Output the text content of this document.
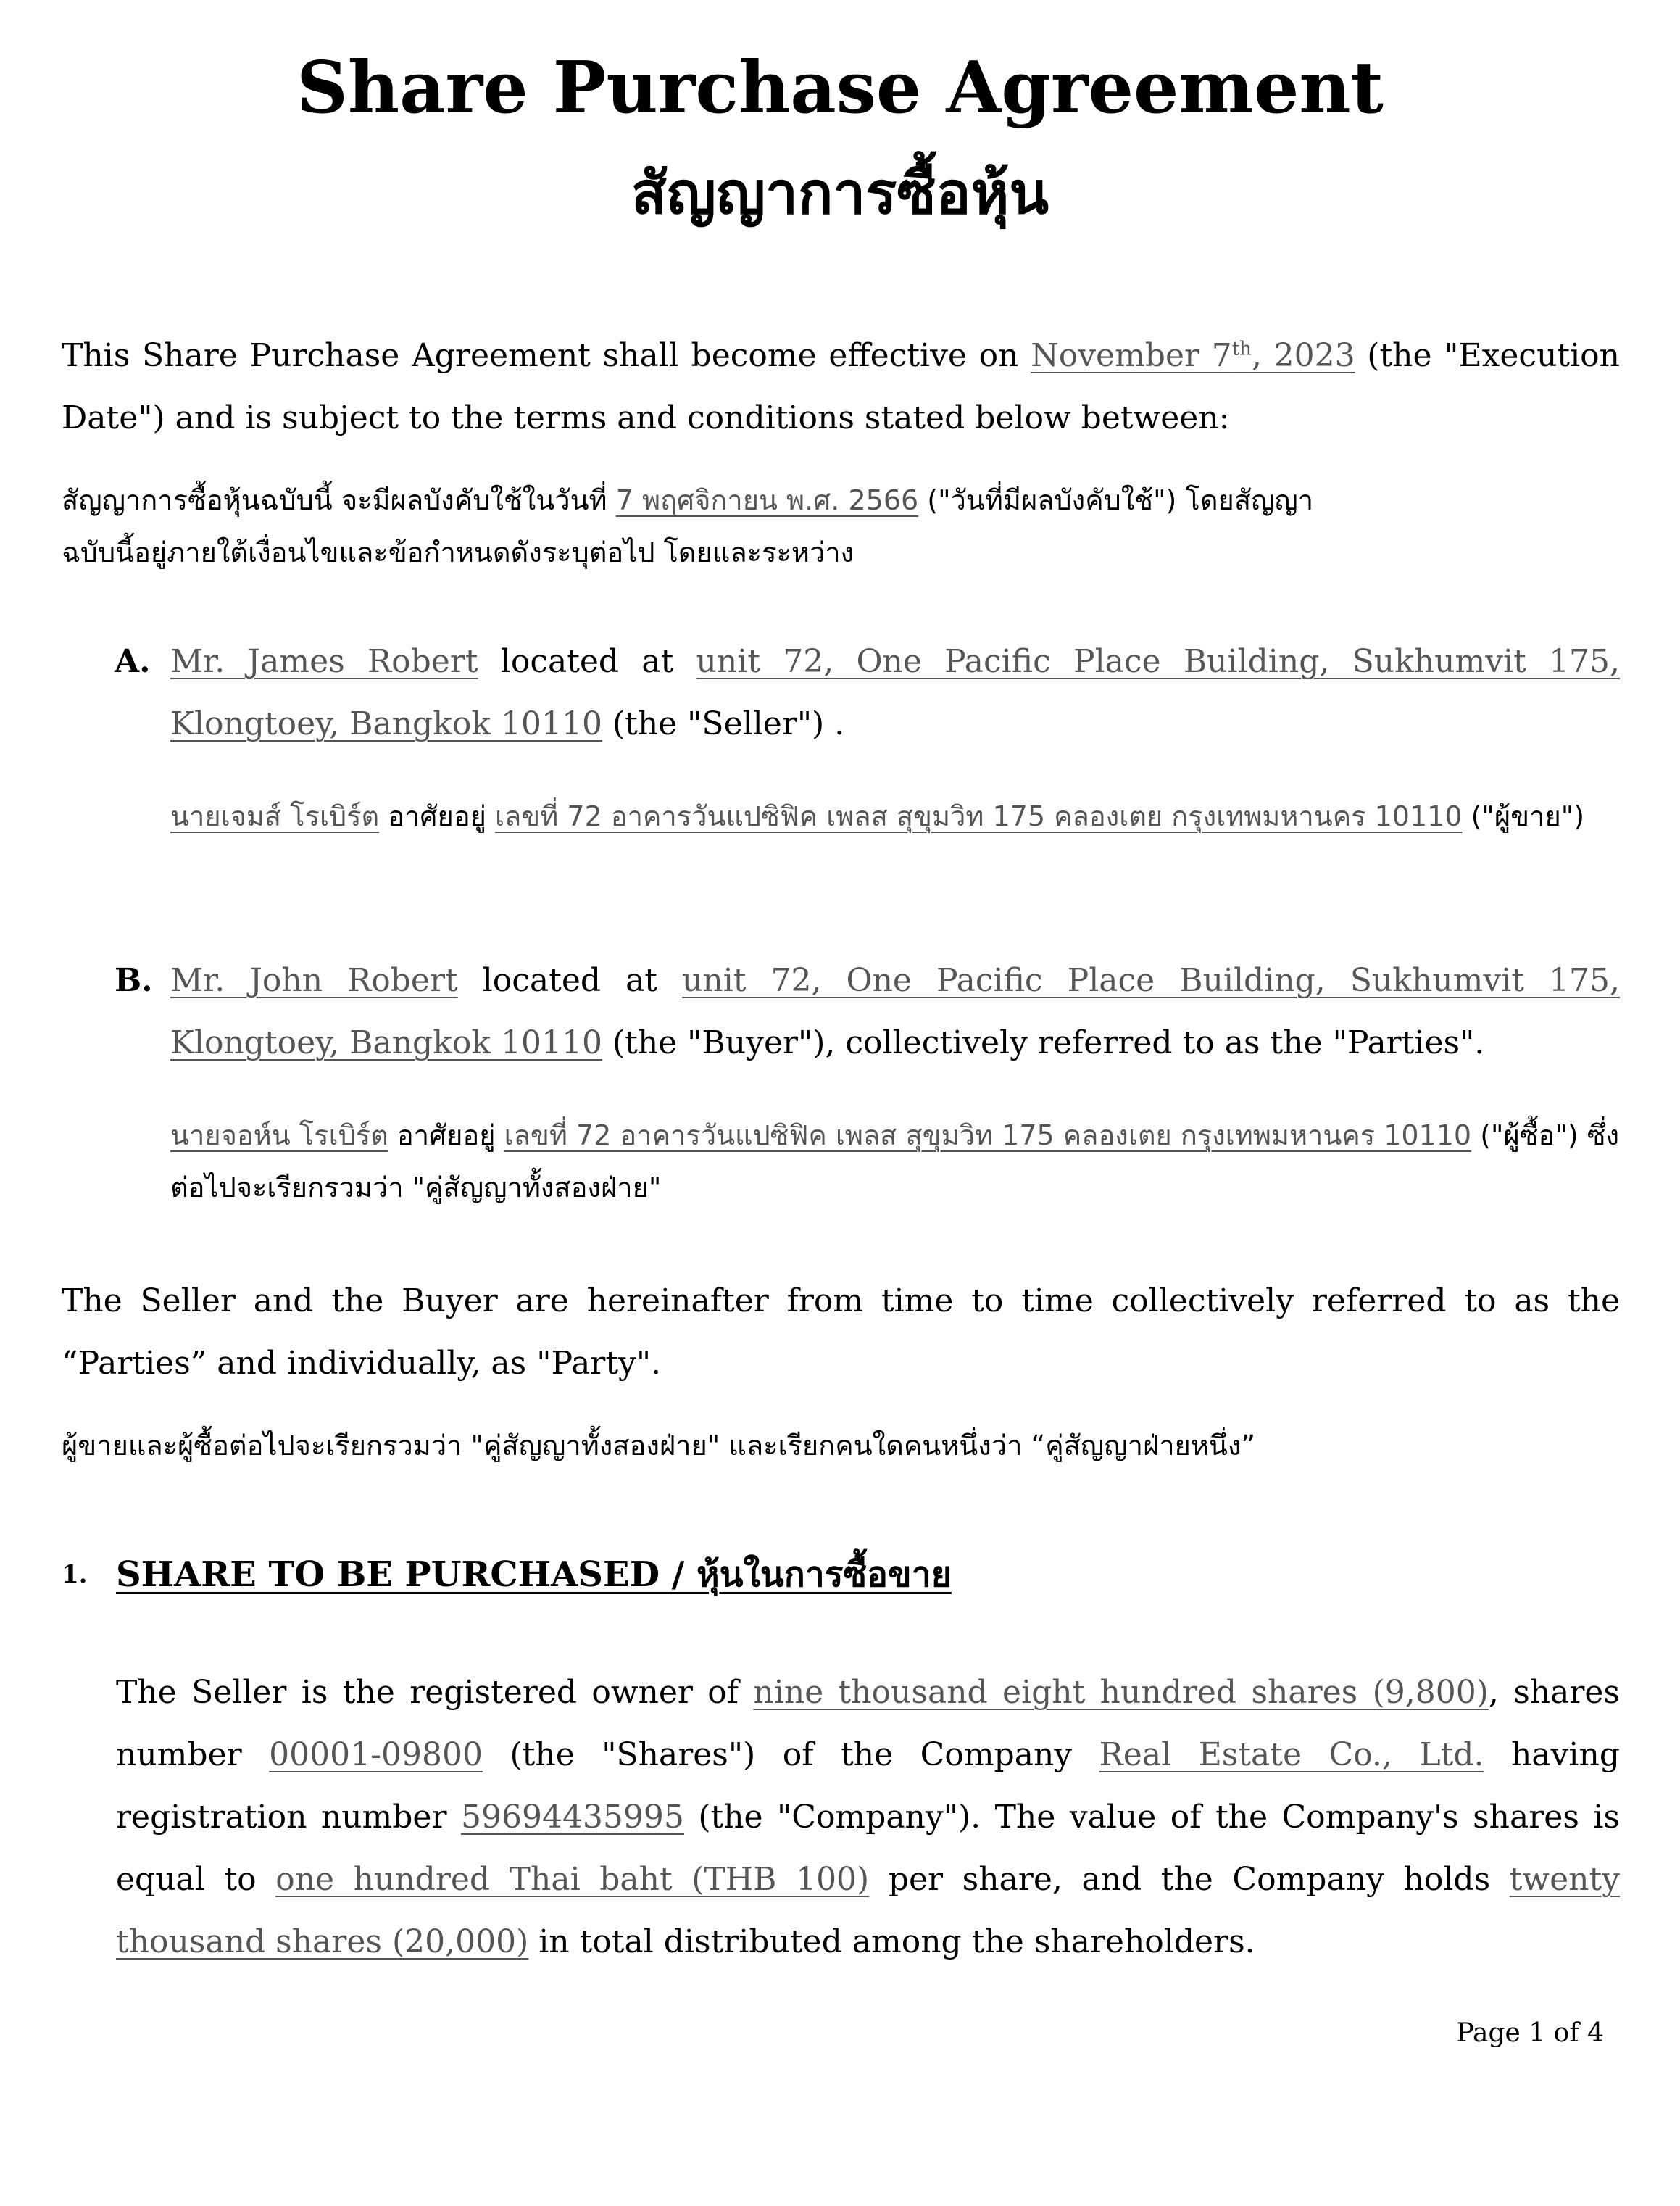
Share Purchase Agreement
สัญญาการซื้อหุ้น
This Share Purchase Agreement shall become effective on November 7th, 2023 (the "Execution Date") and is subject to the terms and conditions stated below between:
สัญญาการซื้อหุ้นฉบับนี้ จะมีผลบังคับใช้ในวันที่ 7 พฤศจิกายน พ.ศ. 2566 ("วันที่มีผลบังคับใช้") โดยสัญญาฉบับนี้อยู่ภายใต้เงื่อนไขและข้อกำหนดดังระบุต่อไป โดยและระหว่าง
A. Mr. James Robert located at unit 72, One Pacific Place Building, Sukhumvit 175, Klongtoey, Bangkok 10110 (the "Seller") .
นายเจมส์ โรเบิร์ต อาศัยอยู่ เลขที่ 72 อาคารวันแปซิฟิค เพลส สุขุมวิท 175 คลองเตย กรุงเทพมหานคร 10110 ("ผู้ขาย")
B. Mr. John Robert located at unit 72, One Pacific Place Building, Sukhumvit 175, Klongtoey, Bangkok 10110 (the "Buyer"), collectively referred to as the "Parties".
นายจอห์น โรเบิร์ต อาศัยอยู่ เลขที่ 72 อาคารวันแปซิฟิค เพลส สุขุมวิท 175 คลองเตย กรุงเทพมหานคร 10110 ("ผู้ซื้อ") ซึ่งต่อไปจะเรียกรวมว่า "คู่สัญญาทั้งสองฝ่าย"
The Seller and the Buyer are hereinafter from time to time collectively referred to as the “Parties” and individually, as "Party".
ผู้ขายและผู้ซื้อต่อไปจะเรียกรวมว่า "คู่สัญญาทั้งสองฝ่าย" และเรียกคนใดคนหนึ่งว่า “คู่สัญญาฝ่ายหนึ่ง”
1. SHARE TO BE PURCHASED / หุ้นในการซื้อขาย
The Seller is the registered owner of nine thousand eight hundred shares (9,800), shares number 00001-09800 (the "Shares") of the Company Real Estate Co., Ltd. having registration number 59694435995 (the "Company"). The value of the Company's shares is equal to one hundred Thai baht (THB 100) per share, and the Company holds twenty thousand shares (20,000) in total distributed among the shareholders.
Page 1 of 4
